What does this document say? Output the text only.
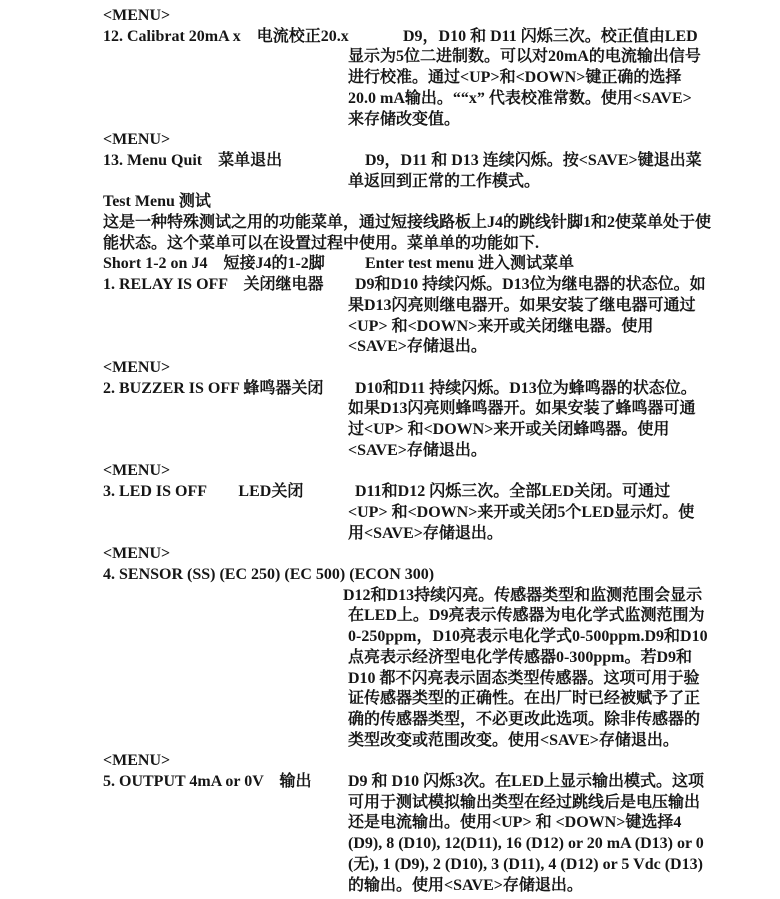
<MENU>
12. Calibrat 20mA x　电流校正20.x	D9，D10 和 D11 闪烁三次。校正值由LED
显示为5位二进制数。可以对20mA的电流输出信号
进行校准。通过<UP>和<DOWN>键正确的选择
20.0 mA输出。““x” 代表校准常数。使用<SAVE>
来存储改变值。
<MENU>
13. Menu Quit　菜单退出	D9，D11 和 D13 连续闪烁。按<SAVE>键退出菜
单返回到正常的工作模式。
Test Menu 测试
这是一种特殊测试之用的功能菜单，通过短接线路板上J4的跳线针脚1和2使菜单处于使
能状态。这个菜单可以在设置过程中使用。菜单单的功能如下.
Short 1-2 on J4　短接J4的1-2脚	Enter test menu 进入测试菜单
1. RELAY IS OFF　关闭继电器 D9和D10 持续闪烁。D13位为继电器的状态位。如
果D13闪亮则继电器开。如果安装了继电器可通过
<UP> 和<DOWN>来开或关闭继电器。使用
<SAVE>存储退出。
<MENU>
2. BUZZER IS OFF 蜂鸣器关闭 D10和D11 持续闪烁。D13位为蜂鸣器的状态位。
如果D13闪亮则蜂鸣器开。如果安装了蜂鸣器可通
过<UP> 和<DOWN>来开或关闭蜂鸣器。使用
<SAVE>存储退出。
<MENU>
3. LED IS OFF　　LED关闭	D11和D12 闪烁三次。全部LED关闭。可通过
<UP> 和<DOWN>来开或关闭5个LED显示灯。使
用<SAVE>存储退出。
<MENU>
4. SENSOR (SS) (EC 250) (EC 500) (ECON 300)
D12和D13持续闪亮。传感器类型和监测范围会显示
在LED上。D9亮表示传感器为电化学式监测范围为
0-250ppm，D10亮表示电化学式0-500ppm.D9和D10
点亮表示经济型电化学传感器0-300ppm。若D9和
D10 都不闪亮表示固态类型传感器。这项可用于验
证传感器类型的正确性。在出厂时已经被赋予了正
确的传感器类型，不必更改此选项。除非传感器的
类型改变或范围改变。使用<SAVE>存储退出。
<MENU>
5. OUTPUT 4mA or 0V　输出 D9 和 D10 闪烁3次。在LED上显示输出模式。这项
可用于测试模拟输出类型在经过跳线后是电压输出
还是电流输出。使用<UP> 和 <DOWN>键选择4
(D9), 8 (D10), 12(D11), 16 (D12) or 20 mA (D13) or 0
(无), 1 (D9), 2 (D10), 3 (D11), 4 (D12) or 5 Vdc (D13)
的输出。使用<SAVE>存储退出。
